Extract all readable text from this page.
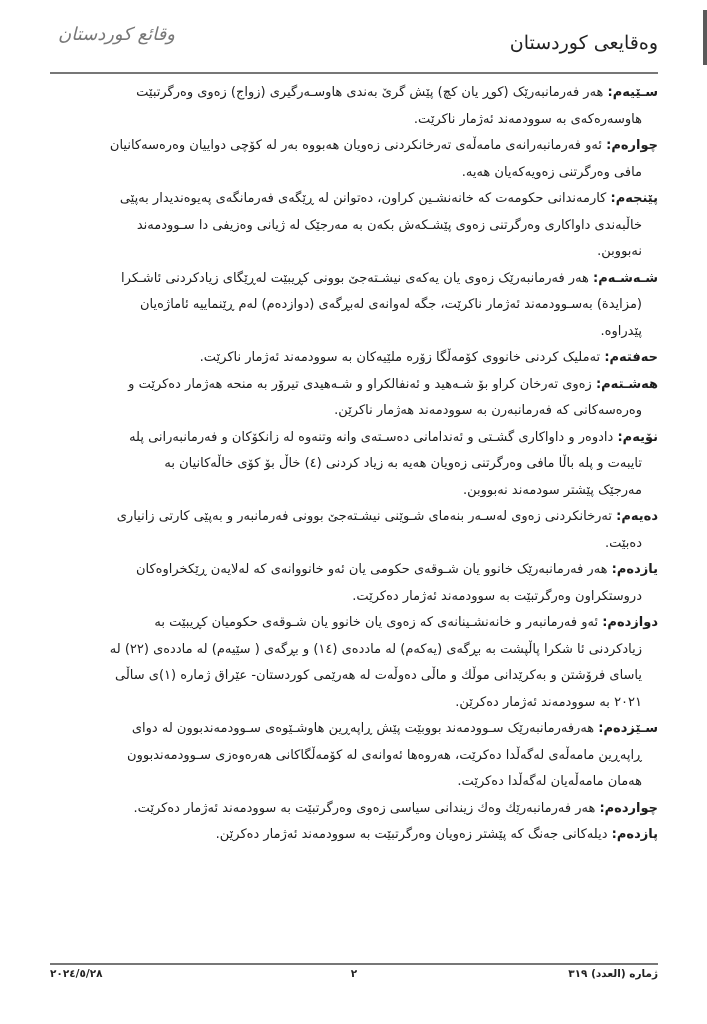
وەقایعی کوردستان
وقائع كوردستان
سـێیەم: هەر فەرمانبەرێک (کوڕ یان کچ) پێش گرێ بەندی هاوسـەرگیری (زواج) زەوی وەرگرتبێت
هاوسەرەکەی بە سوودمەند ئەژمار ناکرێت.
چوارەم: ئەو فەرمانبەرانەی مامەڵەی تەرخانکردنی زەویان هەبووە بەر لە کۆچی دواییان وەرەسەکانیان
مافی وەرگرتنی زەویەکەیان هەیە.
پێنجەم: کارمەندانی حکومەت کە خانەنشـین کراون، دەتوانن لە ڕێگەی فەرمانگەی پەیوەندیدار بەپێی
خاڵبەندی داواکاری وەرگرتنی زەوی پێشـکەش بکەن بە مەرجێک لە ژیانی وەزیفی دا سـوودمەند
نەبووبن.
شـەشـەم: هەر فەرمانبەرێک زەوی یان یەکەی نیشـتەجێ بوونی کڕیبێت لەڕێگای زیادکردنی ئاشـکرا
(مزايدة) بەسـوودمەند ئەژمار ناکرێت، جگە لەوانەی لەبڕگەی (دوازدەم) لەم ڕێنماییە ئاماژەیان
پێدراوە.
حەفتەم: تەملیک کردنی خانووی کۆمەڵگا زۆرە ملێیەکان بە سوودمەند ئەژمار ناکرێت.
هەشـتەم: زەوی تەرخان کراو بۆ شـەهید و ئەنفالکراو و شـەهیدی تیرۆر بە منحە هەژمار دەکرێت و
وەرەسەکانی کە فەرمانبەرن بە سوودمەند هەژمار ناکرێن.
نۆیەم: دادوەر و داواکاری گشـتی و ئەندامانی دەسـتەی وانە وتنەوە لە زانکۆکان و فەرمانبەرانی پلە
تایبەت و پلە باڵا مافی وەرگرتنی زەویان هەیە بە زیاد کردنی (٤) خاڵ بۆ کۆی خاڵەکانیان بە
مەرجێک پێشتر سودمەند نەبووبن.
دەیەم: تەرخانکردنی زەوی لەسـەر بنەمای شـوێنی نیشـتەجێ بوونی فەرمانبەر و بەپێی کارتی زانیاری
دەبێت.
یازدەم: هەر فەرمانبەرێک خانوو یان شـوقەی حکومی یان ئەو خانووانەی کە لەلایەن ڕێکخراوەکان
دروستکراون وەرگرتبێت بە سوودمەند ئەژمار دەکرێت.
دوازدەم: ئەو فەرمانبەر و خانەنشـینانەی کە زەوی یان خانوو یان شـوقەی حکومیان کڕیبێت بە
زیادکردنی ئا شکرا پاڵپشت بە بڕگەی (یەکەم) لە ماددەی (١٤) و بڕگەی ( سێیەم) لە ماددەی (٢٢) لە
یاسای فرۆشتن و بەکرێدانی موڵك و ماڵی دەوڵەت لە هەرێمی کوردستان- عێراق ژمارە (١)ی ساڵی
٢٠٢١ بە سوودمەند ئەژمار دەکرێن.
سـێزدەم: هەرفەرمانبەرێک سـوودمەند بووبێت پێش ڕاپەڕین هاوشـێوەی سـوودمەندبوون لە دوای
ڕاپەڕین مامەڵەی لەگەڵدا دەکرێت، هەروەها ئەوانەی لە کۆمەڵگاکانی هەرەوەزی سـوودمەندبوون
هەمان مامەڵەیان لەگەڵدا دەکرێت.
چواردەم: هەر فەرمانبەرێك وەك زیندانی سیاسی زەوی وەرگرتبێت بە سوودمەند ئەژمار دەکرێت.
پازدەم: دیلەکانی جەنگ کە پێشتر زەویان وەرگرتبێت بە سوودمەند ئەژمار دەکرێن.
ژمارە (العدد) ٣١٩
٢
٢٠٢٤/٥/٢٨
